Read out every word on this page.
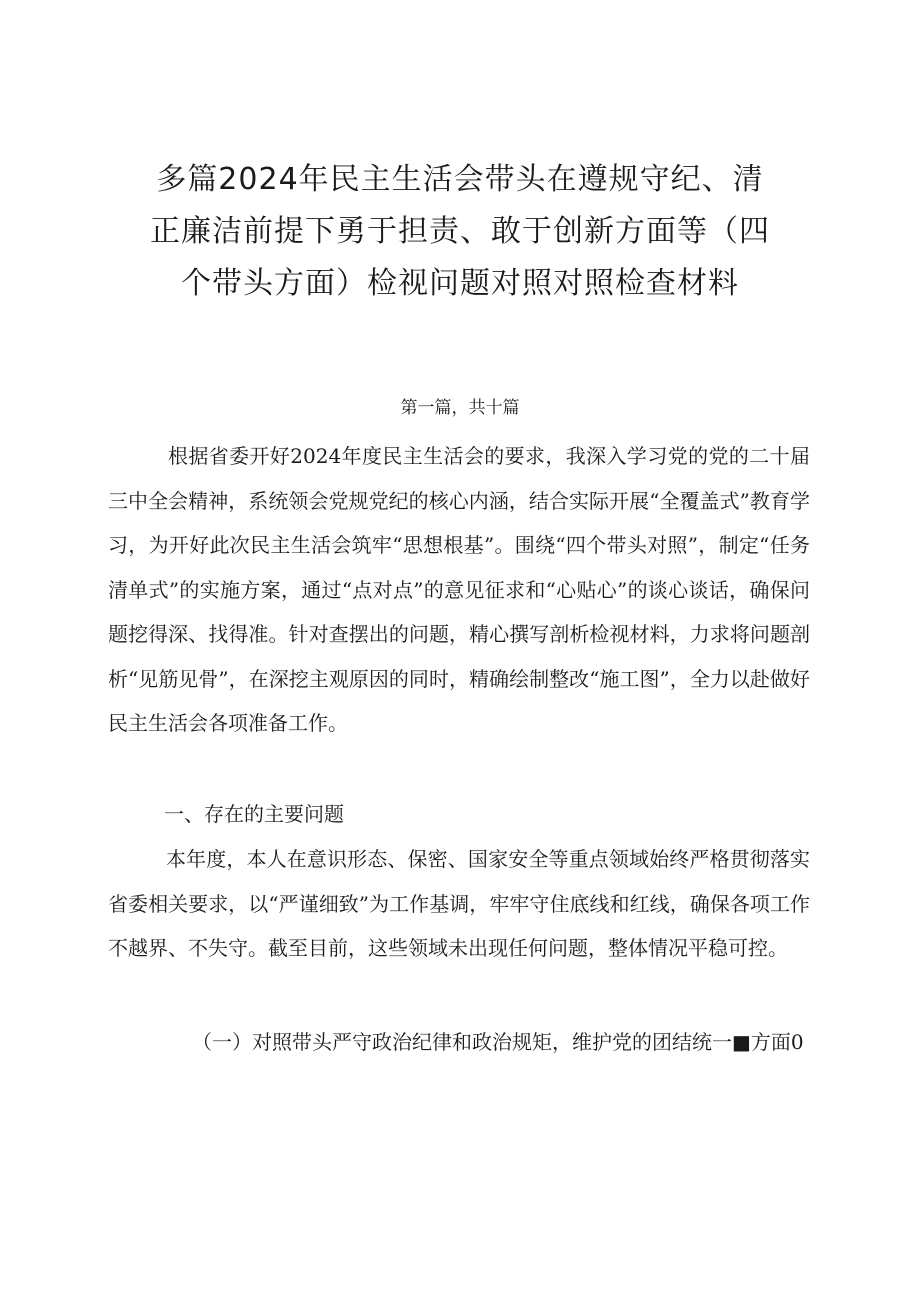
多篇2024年民主生活会带头在遵规守纪、清
正廉洁前提下勇于担责、敢于创新方面等（四
个带头方面）检视问题对照对照检查材料

第一篇，共十篇

根据省委开好2024年度民主生活会的要求，我深入学习党的党的二十届三中全会精神，系统领会党规党纪的核心内涵，结合实际开展“全覆盖式”教育学习，为开好此次民主生活会筑牢“思想根基”。围绕“四个带头对照”，制定“任务清单式”的实施方案，通过“点对点”的意见征求和“心贴心”的谈心谈话，确保问题挖得深、找得准。针对查摆出的问题，精心撰写剖析检视材料，力求将问题剖析“见筋见骨”，在深挖主观原因的同时，精确绘制整改“施工图”，全力以赴做好民主生活会各项准备工作。

一、存在的主要问题

本年度，本人在意识形态、保密、国家安全等重点领域始终严格贯彻落实省委相关要求，以“严谨细致”为工作基调，牢牢守住底线和红线，确保各项工作不越界、不失守。截至目前，这些领域未出现任何问题，整体情况平稳可控。

（一）对照带头严守政治纪律和政治规矩，维护党的团结统一■方面0
